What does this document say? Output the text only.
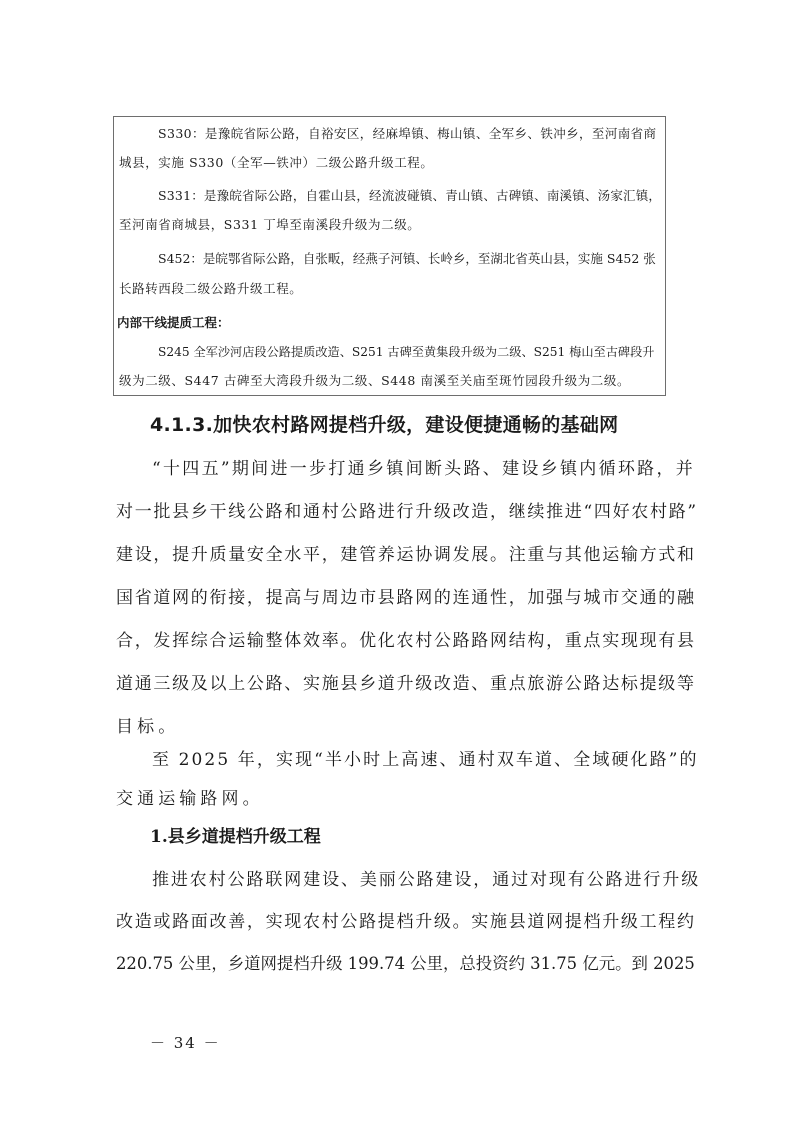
S330：是豫皖省际公路，自裕安区，经麻埠镇、梅山镇、全军乡、铁冲乡，至河南省商
城县，实施 S330（全军—铁冲）二级公路升级工程。
S331：是豫皖省际公路，自霍山县，经流波碰镇、青山镇、古碑镇、南溪镇、汤家汇镇，
至河南省商城县，S331 丁埠至南溪段升级为二级。
S452：是皖鄂省际公路，自张畈，经燕子河镇、长岭乡，至湖北省英山县，实施 S452 张
长路转西段二级公路升级工程。
内部干线提质工程：
S245 全军沙河店段公路提质改造、S251 古碑至黄集段升级为二级、S251 梅山至古碑段升
级为二级、S447 古碑至大湾段升级为二级、S448 南溪至关庙至斑竹园段升级为二级。
4.1.3.加快农村路网提档升级，建设便捷通畅的基础网
“十四五”期间进一步打通乡镇间断头路、建设乡镇内循环路，并
对一批县乡干线公路和通村公路进行升级改造，继续推进“四好农村路”
建设，提升质量安全水平，建管养运协调发展。注重与其他运输方式和
国省道网的衔接，提高与周边市县路网的连通性，加强与城市交通的融
合，发挥综合运输整体效率。优化农村公路路网结构，重点实现现有县
道通三级及以上公路、实施县乡道升级改造、重点旅游公路达标提级等
目标。
至 2025 年，实现“半小时上高速、通村双车道、全域硬化路”的
交通运输路网。
1.县乡道提档升级工程
推进农村公路联网建设、美丽公路建设，通过对现有公路进行升级
改造或路面改善，实现农村公路提档升级。实施县道网提档升级工程约
220.75 公里，乡道网提档升级 199.74 公里，总投资约 31.75 亿元。到 2025
－ 34 －
